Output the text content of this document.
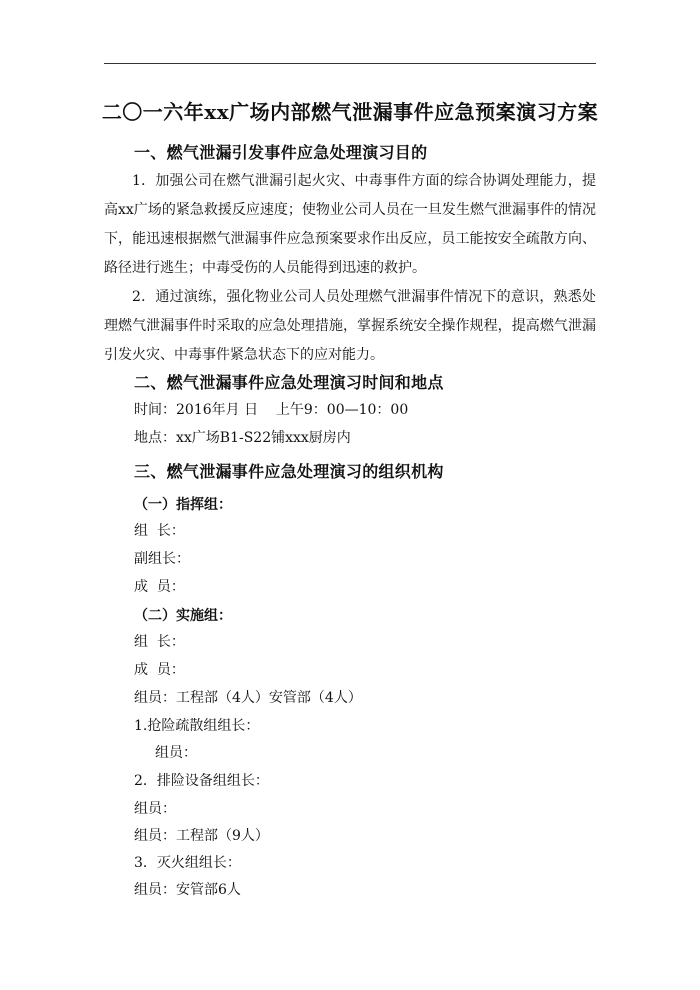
二〇一六年xx广场内部燃气泄漏事件应急预案演习方案
一、燃气泄漏引发事件应急处理演习目的
1．加强公司在燃气泄漏引起火灾、中毒事件方面的综合协调处理能力，提高xx广场的紧急救援反应速度；使物业公司人员在一旦发生燃气泄漏事件的情况下，能迅速根据燃气泄漏事件应急预案要求作出反应，员工能按安全疏散方向、路径进行逃生；中毒受伤的人员能得到迅速的救护。
2．通过演练，强化物业公司人员处理燃气泄漏事件情况下的意识，熟悉处理燃气泄漏事件时采取的应急处理措施，掌握系统安全操作规程，提高燃气泄漏引发火灾、中毒事件紧急状态下的应对能力。
二、燃气泄漏事件应急处理演习时间和地点
时间：2016年月 日    上午9：00—10：00
地点：xx广场B1-S22铺xxx厨房内
三、燃气泄漏事件应急处理演习的组织机构
（一）指挥组：
组  长：
副组长：
成  员：
（二）实施组：
组  长：
成  员：
组员：工程部（4人）安管部（4人）
1.抢险疏散组组长：
组员：
2．排险设备组组长：
组员：
组员：工程部（9人）
3．灭火组组长：
组员：安管部6人
